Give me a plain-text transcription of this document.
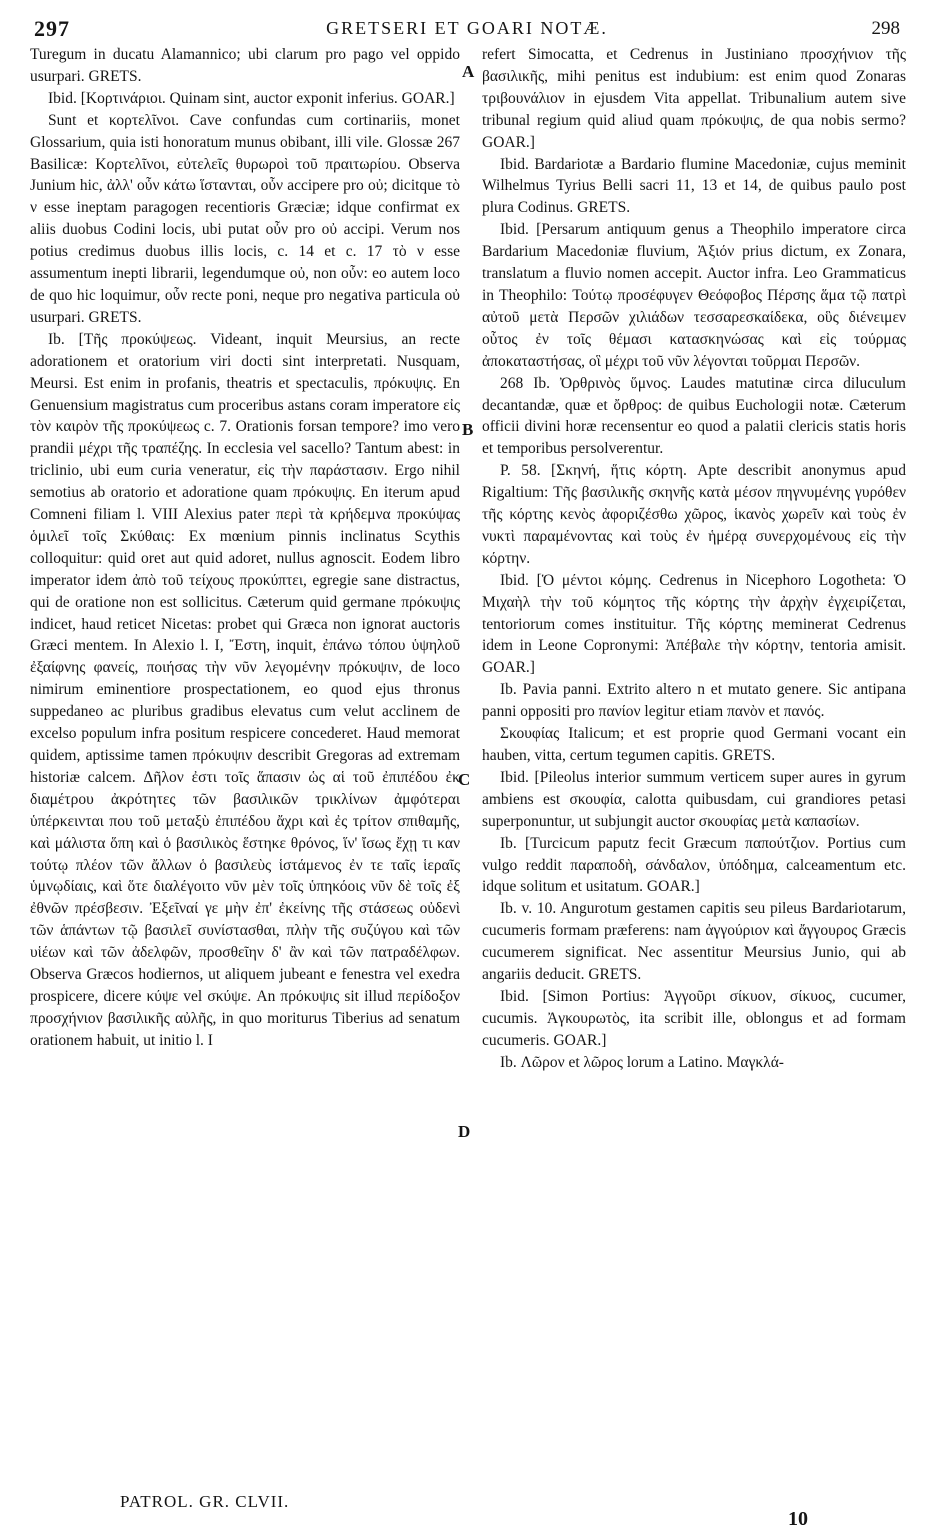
297	GRETSERI ET GOARI NOTÆ.	298

Turegum in ducatu Alamannico; ubi clarum pro pago vel oppido usurpari. GRETS.

Ibid. [Κορτινάριοι. Quinam sint, auctor exponit inferius. GOAR.]

Sunt et κορτελῖνοι. Cave confundas cum cortinariis, monet Glossarium, quia isti honoratum munus obibant, illi vile. Glossæ 267 Basilicæ: Κορτελῖνοι, εὐτελεῖς θυρωροὶ τοῦ πραιτωρίου. Observa Junium hic, ἀλλ' οὖν κάτω ἵστανται, οὖν accipere pro οὐ; dicitque τὸ ν esse ineptam paragogen recentioris Græciæ; idque confirmat ex aliis duobus Codini locis, ubi putat οὖν pro οὐ accipi. Verum nos potius credimus duobus illis locis, c. 14 et c. 17 τὸ ν esse assumentum inepti librarii, legendumque οὐ, non οὖν: eo autem loco de quo hic loquimur, οὖν recte poni, neque pro negativa particula οὐ usurpari. GRETS.

Ib. [Τῆς προκύψεως. Videant, inquit Meursius, an recte adorationem et oratorium viri docti sint interpretati. Nusquam, Meursi. Est enim in profanis, theatris et spectaculis, πρόκυψις. En Genuensium magistratus cum proceribus astans coram imperatore εἰς τὸν καιρὸν τῆς προκύψεως c. 7. Orationis forsan tempore? imo vero prandii μέχρι τῆς τραπέζης. In ecclesia vel sacello? Tantum abest: in triclinio, ubi eum curia veneratur, εἰς τὴν παράστασιν. Ergo nihil semotius ab oratorio et adoratione quam πρόκυψις. En iterum apud Comneni filiam l. VIII Alexius pater περὶ τὰ κρήδεμνα προκύψας ὁμιλεῖ τοῖς Σκύθαις: Ex mœnium pinnis inclinatus Scythis colloquitur: quid oret aut quid adoret, nullus agnoscit. Eodem libro imperator idem ἀπὸ τοῦ τείχους προκύπτει, egregie sane distractus, qui de oratione non est sollicitus. Cæterum quid germane πρόκυψις indicet, haud reticet Nicetas: probet qui Græca non ignorat auctoris Græci mentem. In Alexio l. I, Ἔστη, inquit, ἐπάνω τόπου ὑψηλοῦ ἐξαίφνης φανείς, ποιήσας τὴν νῦν λεγομένην πρόκυψιν, de loco nimirum eminentiore prospectationem, eo quod ejus thronus suppedaneo ac pluribus gradibus elevatus cum velut acclinem de excelso populum infra positum respicere concederet. Haud memorat quidem, aptissime tamen πρόκυψιν describit Gregoras ad extremam historiæ calcem. Δῆλον ἐστι τοῖς ἅπασιν ὡς αἱ τοῦ ἐπιπέδου ἐκ διαμέτρου ἀκρότητες τῶν βασιλικῶν τρικλίνων ἀμφότεραι ὑπέρκεινται που τοῦ μεταξὺ ἐπιπέδου ἄχρι καὶ ἐς τρίτον σπιθαμῆς, καὶ μάλιστα ὅπη καὶ ὁ βασιλικὸς ἕστηκε θρόνος, ἵν' ἴσως ἔχῃ τι καν τούτῳ πλέον τῶν ἄλλων ὁ βασιλεὺς ἱστάμενος ἐν τε ταῖς ἱεραῖς ὑμνῳδίαις, καὶ ὅτε διαλέγοιτο νῦν μὲν τοῖς ὑπηκόοις νῦν δὲ τοῖς ἐξ ἐθνῶν πρέσβεσιν. Ἐξεῖναί γε μὴν ἐπ' ἐκείνης τῆς στάσεως οὐδενὶ τῶν ἁπάντων τῷ βασιλεῖ συνίστασθαι, πλὴν τῆς συζύγου καὶ τῶν υἱέων καὶ τῶν ἀδελφῶν, προσθεῖην δ' ἂν καὶ τῶν πατραδέλφων. Observa Græcos hodiernos, ut aliquem jubeant e fenestra vel exedra prospicere, dicere κύψε vel σκύψε. An πρόκυψις sit illud περίδοξον προσχήνιον βασιλικῆς αὐλῆς, in quo moriturus Tiberius ad senatum orationem habuit, ut initio l. I

refert Simocatta, et Cedrenus in Justiniano προσχήνιον τῆς βασιλικῆς, mihi penitus est indubium: est enim quod Zonaras τριβουνάλιον in ejusdem Vita appellat. Tribunalium autem sive tribunal regium quid aliud quam πρόκυψις, de qua nobis sermo? GOAR.]

Ibid. Bardariotæ a Bardario flumine Macedoniæ, cujus meminit Wilhelmus Tyrius Belli sacri 11, 13 et 14, de quibus paulo post plura Codinus. GRETS.

Ibid. [Persarum antiquum genus a Theophilo imperatore circa Bardarium Macedoniæ fluvium, Ἀξιόν prius dictum, ex Zonara, translatum a fluvio nomen accepit. Auctor infra. Leo Grammaticus in Theophilo: Τούτῳ προσέφυγεν Θεόφοβος Πέρσης ἅμα τῷ πατρὶ αὐτοῦ μετὰ Περσῶν χιλιάδων τεσσαρεσκαίδεκα, οὓς διένειμεν οὗτος ἐν τοῖς θέμασι κατασκηνώσας καὶ εἰς τούρμας ἀποκαταστήσας, οἳ μέχρι τοῦ νῦν λέγονται τοῦρμαι Περσῶν.

268 Ib. Ὀρθρινὸς ὕμνος. Laudes matutinæ circa diluculum decantandæ, quæ et ὄρθρος: de quibus Euchologii notæ. Cæterum officii divini horæ recensentur eo quod a palatii clericis statis horis et temporibus persolverentur.

P. 58. [Σκηνή, ἥτις κόρτη. Apte describit anonymus apud Rigaltium: Τῆς βασιλικῆς σκηνῆς κατὰ μέσον πηγνυμένης γυρόθεν τῆς κόρτης κενὸς ἀφοριζέσθω χῶρος, ἱκανὸς χωρεῖν καὶ τοὺς ἐν νυκτὶ παραμένοντας καὶ τοὺς ἐν ἡμέρᾳ συνερχομένους εἰς τὴν κόρτην.

Ibid. [Ὁ μέντοι κόμης. Cedrenus in Nicephoro Logotheta: Ὁ Μιχαὴλ τὴν τοῦ κόμητος τῆς κόρτης τὴν ἀρχὴν ἐγχειρίζεται, tentoriorum comes instituitur. Τῆς κόρτης meminerat Cedrenus idem in Leone Copronymi: Ἀπέβαλε τὴν κόρτην, tentoria amisit. GOAR.]

Ib. Pavia panni. Extrito altero n et mutato genere. Sic antipana panni oppositi pro πανίον legitur etiam πανὸν et πανός.

Σκουφίας Italicum; et est proprie quod Germani vocant ein hauben, vitta, certum tegumen capitis. GRETS.

Ibid. [Pileolus interior summum verticem super aures in gyrum ambiens est σκουφία, calotta quibusdam, cui grandiores petasi superponuntur, ut subjungit auctor σκουφίας μετὰ καπασίων.

Ib. [Turcicum paputz fecit Græcum παπούτζιον. Portius cum vulgo reddit παραποδὴ, σάνδαλον, ὑπόδημα, calceamentum etc. idque solitum et usitatum. GOAR.]

Ib. v. 10. Angurotum gestamen capitis seu pileus Bardariotarum, cucumeris formam præferens: nam ἀγγούριον καὶ ἄγγουρος Græcis cucumerem significat. Nec assentitur Meursius Junio, qui ab angariis deducit. GRETS.

Ibid. [Simon Portius: Ἀγγοῦρι σίκυον, σίκυος, cucumer, cucumis. Ἀγκουρωτὸς, ita scribit ille, oblongus et ad formam cucumeris. GOAR.]

Ib. Λῶρον et λῶρος lorum a Latino. Μαγκλά-

A
B
C
D
PATROL. GR. CLVII.
10
